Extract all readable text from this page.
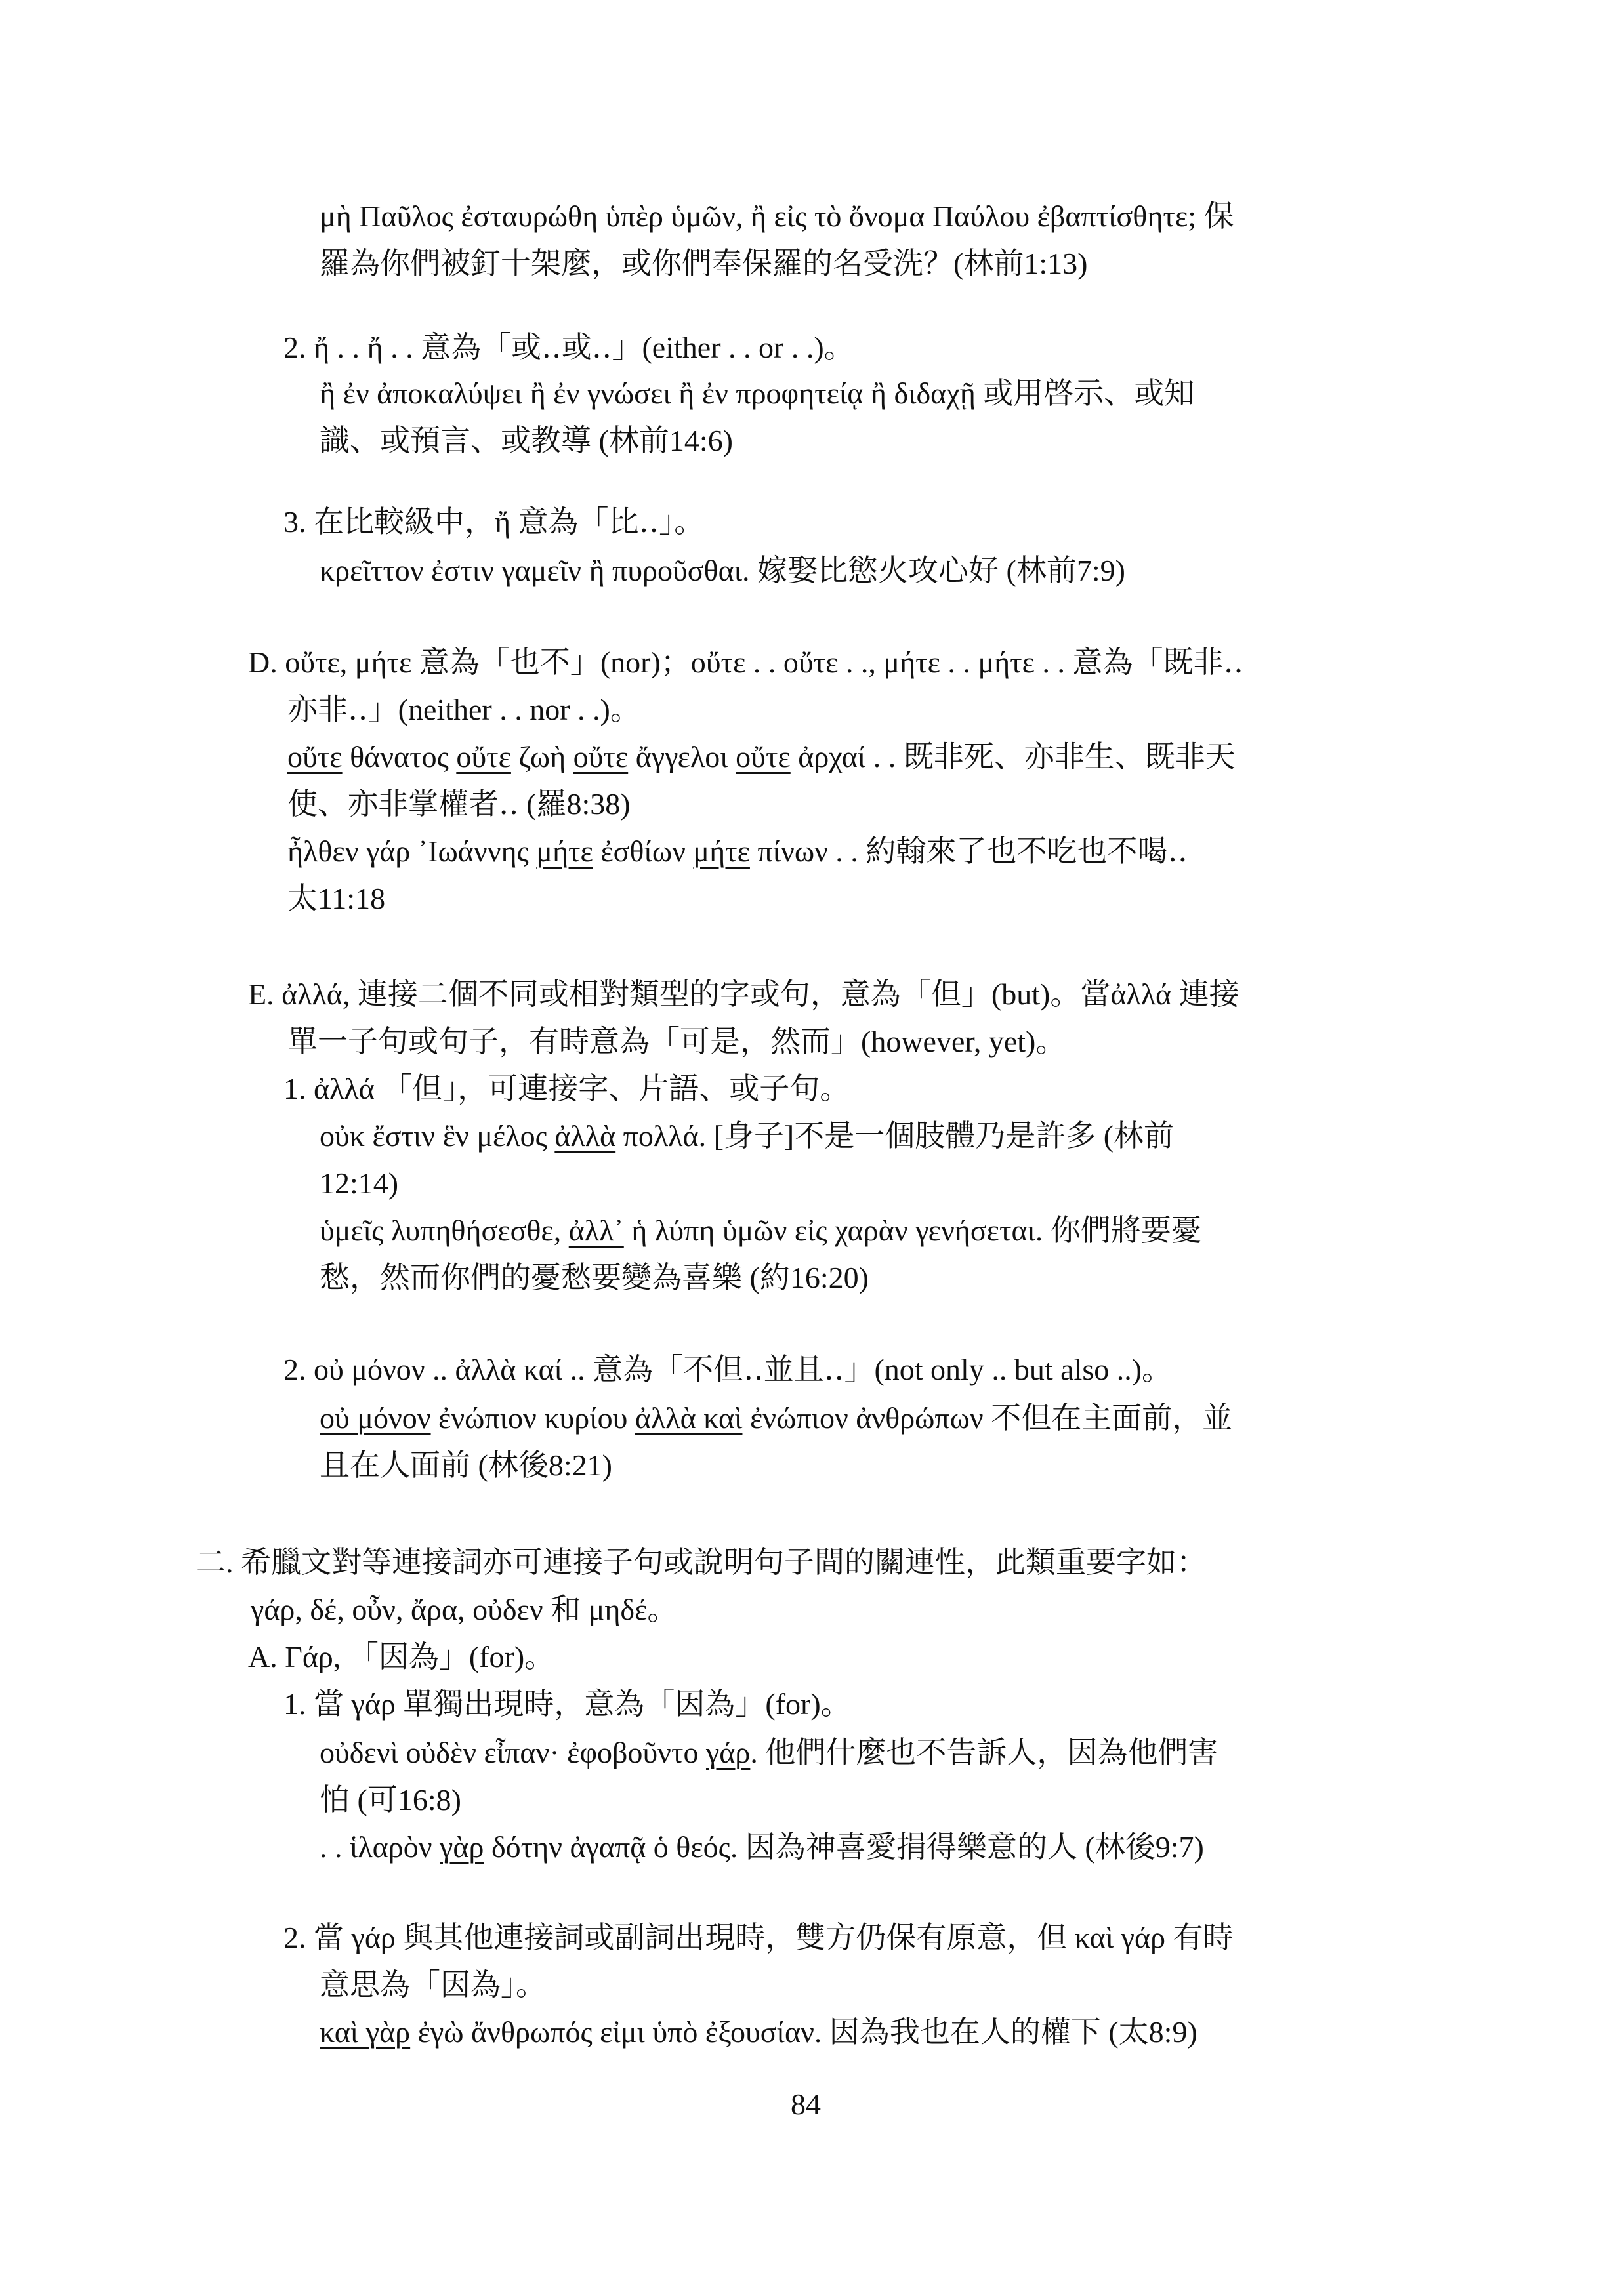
μὴ Παῦλος ἐσταυρώθη ὑπὲρ ὑμῶν, ἢ εἰς τὸ ὄνομα Παύλου ἐβαπτίσθητε; 保
羅為你們被釘十架麼，或你們奉保羅的名受洗？(林前1:13)
2. ἤ . . ἤ . . 意為「或‥或‥」(either . . or . .)。
ἢ ἐν ἀποκαλύψει ἢ ἐν γνώσει ἢ ἐν προφητείᾳ ἢ διδαχῇ 或用啓示、或知
識、或預言、或教導 (林前14:6)
3. 在比較級中，ἤ 意為「比‥」。
κρεῖττον ἐστιν γαμεῖν ἢ πυροῦσθαι. 嫁娶比慾火攻心好 (林前7:9)
D. οὔτε, μήτε 意為「也不」(nor)；οὔτε . . οὔτε . ., μήτε . . μήτε . . 意為「既非‥
亦非‥」(neither . . nor . .)。
οὔτε θάνατος οὔτε ζωὴ οὔτε ἄγγελοι οὔτε ἀρχαί . . 既非死、亦非生、既非天
使、亦非掌權者‥ (羅8:38)
ἦλθεν γάρ ᾿Ιωάννης μήτε ἐσθίων μήτε πίνων . . 約翰來了也不吃也不喝‥
太11:18
E. ἀλλά, 連接二個不同或相對類型的字或句，意為「但」(but)。當ἀλλά 連接
單一子句或句子，有時意為「可是，然而」(however, yet)。
1. ἀλλά 「但」，可連接字、片語、或子句。
οὐκ ἔστιν ἓν μέλος ἀλλὰ πολλά. [身子]不是一個肢體乃是許多 (林前
12:14)
ὑμεῖς λυπηθήσεσθε, ἀλλ᾿ ἡ λύπη ὑμῶν εἰς χαρὰν γενήσεται. 你們將要憂
愁，然而你們的憂愁要變為喜樂 (約16:20)
2. οὐ μόνον .. ἀλλὰ καί .. 意為「不但‥並且‥」(not only .. but also ..)。
οὐ μόνον ἐνώπιον κυρίου ἀλλὰ καὶ ἐνώπιον ἀνθρώπων 不但在主面前，並
且在人面前 (林後8:21)
二. 希臘文對等連接詞亦可連接子句或說明句子間的關連性，此類重要字如：
γάρ, δέ, οὖν, ἄρα, οὐδεν 和 μηδέ。
A. Γάρ, 「因為」(for)。
1. 當 γάρ 單獨出現時，意為「因為」(for)。
οὐδενὶ οὐδὲν εἶπαν· ἐφοβοῦντο γάρ. 他們什麼也不告訴人，因為他們害
怕 (可16:8)
. . ἱλαρὸν γὰρ δότην ἀγαπᾷ ὁ θεός. 因為神喜愛捐得樂意的人 (林後9:7)
2. 當 γάρ 與其他連接詞或副詞出現時，雙方仍保有原意，但 καὶ γάρ 有時
意思為「因為」。
καὶ γὰρ ἐγὼ ἄνθρωπός εἰμι ὑπὸ ἐξουσίαν. 因為我也在人的權下 (太8:9)
84
